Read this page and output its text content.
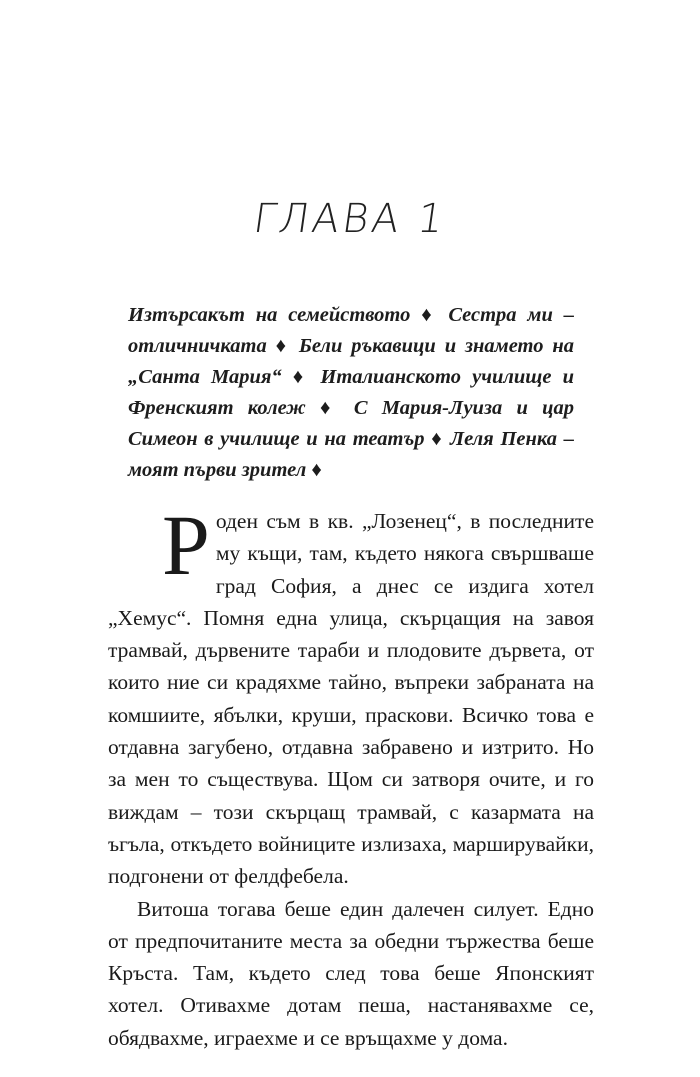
ГЛАВА 1

Изтърсакът на семейството ♦ Сестра ми – отличничката ♦ Бели ръкавици и знамето на „Санта Мария“ ♦ Италианското училище и Френският колеж ♦ С Мария-Луиза и цар Симеон в училище и на театър ♦ Леля Пенка – моят първи зрител ♦

Роден съм в кв. „Лозенец“, в последните му къщи, там, където някога свършваше град София, а днес се издига хотел „Хемус“. Помня една улица, скърцащия на завоя трамвай, дървените тараби и плодовите дървета, от които ние си крадяхме тайно, въпреки забраната на комшиите, ябълки, круши, праскови. Всичко това е отдавна загубено, отдавна забравено и изтрито. Но за мен то съществува. Щом си затворя очите, и го виждам – този скърцащ трамвай, с казармата на ъгъла, откъдето войниците излизаха, марширувайки, подгонени от фелдфебела.

Витоша тогава беше един далечен силует. Едно от предпочитаните места за обедни тържества беше Кръста. Там, където след това беше Японският хотел. Отивахме дотам пеша, настанявахме се, обядвахме, играехме и се връщахме у дома.
